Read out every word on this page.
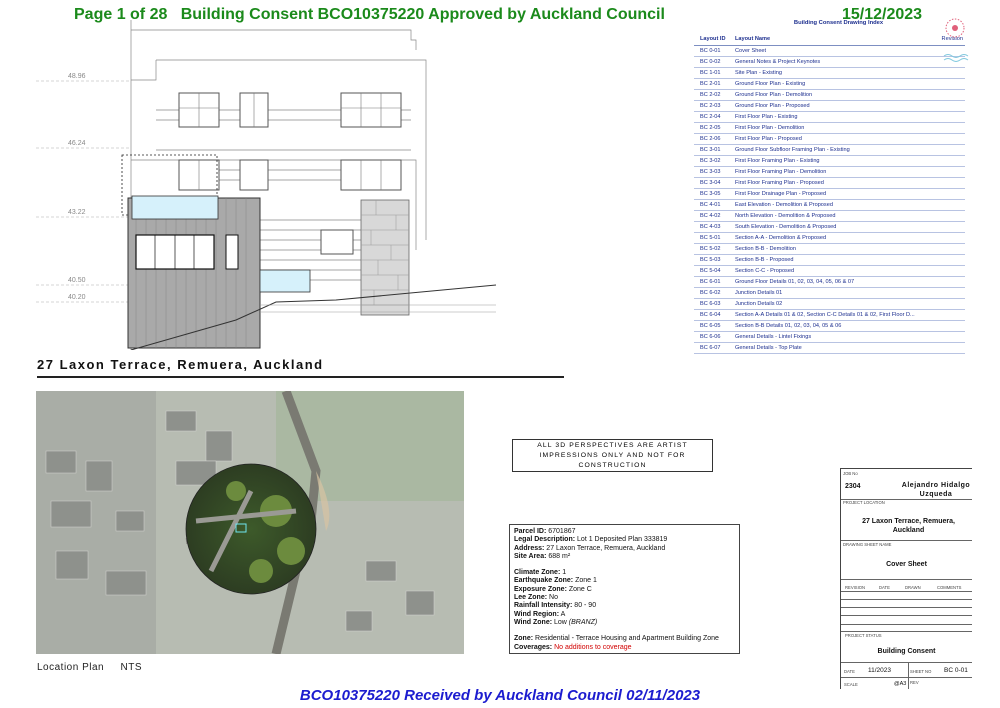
Page 1 of 28   Building Consent BCO10375220 Approved by Auckland Council	15/12/2023
48.96
46.24
43.22
40.50
40.20
27 Laxon Terrace, Remuera, Auckland
Building Consent Drawing Index
Layout ID	Layout Name	Revision
BC 0-01	Cover Sheet
BC 0-02	General Notes & Project Keynotes
BC 1-01	Site Plan - Existing
BC 2-01	Ground Floor Plan - Existing
BC 2-02	Ground Floor Plan - Demolition
BC 2-03	Ground Floor Plan - Proposed
BC 2-04	First Floor Plan - Existing
BC 2-05	First Floor Plan - Demolition
BC 2-06	First Floor Plan - Proposed
BC 3-01	Ground Floor Subfloor Framing Plan - Existing
BC 3-02	First Floor Framing Plan - Existing
BC 3-03	First Floor Framing Plan - Demolition
BC 3-04	First Floor Framing Plan - Proposed
BC 3-05	First Floor Drainage Plan - Proposed
BC 4-01	East Elevation - Demolition & Proposed
BC 4-02	North Elevation - Demolition & Proposed
BC 4-03	South Elevation - Demolition & Proposed
BC 5-01	Section A-A - Demolition & Proposed
BC 5-02	Section B-B - Demolition
BC 5-03	Section B-B - Proposed
BC 5-04	Section C-C - Proposed
BC 6-01	Ground Floor Details 01, 02, 03, 04, 05, 06 & 07
BC 6-02	Junction Details 01
BC 6-03	Junction Details 02
BC 6-04	Section A-A Details 01 & 02, Section C-C Details 01 & 02, First Floor D...
BC 6-05	Section B-B Details 01, 02, 03, 04, 05 & 06
BC 6-06	General Details - Lintel Fixings
BC 6-07	General Details - Top Plate
Location Plan     NTS
ALL 3D PERSPECTIVES ARE ARTIST IMPRESSIONS ONLY AND NOT FOR CONSTRUCTION
Parcel ID: 6701867
Legal Description: Lot 1 Deposited Plan 333819
Address: 27 Laxon Terrace, Remuera, Auckland
Site Area: 688 m²
Climate Zone: 1
Earthquake Zone: Zone 1
Exposure Zone: Zone C
Lee Zone: No
Rainfall Intensity: 80 - 90
Wind Region: A
Wind Zone: Low (BRANZ)
Zone: Residential - Terrace Housing and Apartment Building Zone
Coverages: No additions to coverage
JOB No
2304	Alejandro Hidalgo Uzqueda
PROJECT LOCATION
27 Laxon Terrace, Remuera, Auckland
DRAWING SHEET NAME
Cover Sheet
REVISION	DATE	DRAWN	COMMENTS
PROJECT STATUS
Building Consent
DATE 11/2023	SHEET NO BC 0-01
SCALE	@A3 REV
BCO10375220 Received by Auckland Council 02/11/2023
